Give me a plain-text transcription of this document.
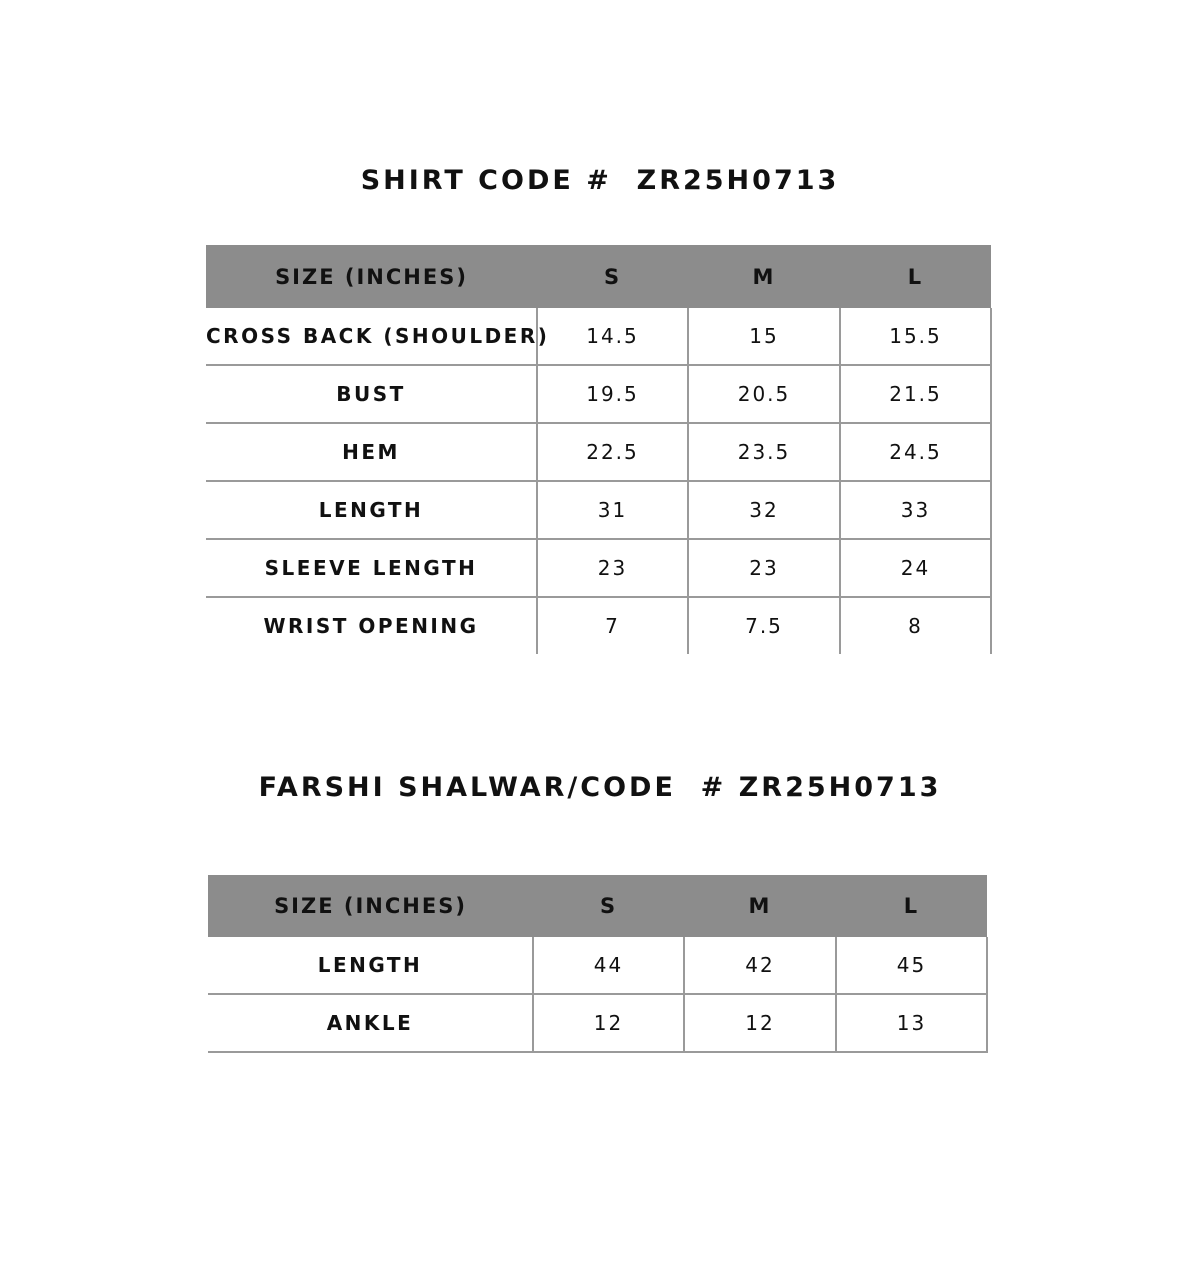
SHIRT CODE #  ZR25H0713
SIZE (INCHES)	S	M	L
CROSS BACK (SHOULDER)	14.5	15	15.5
BUST	19.5	20.5	21.5
HEM	22.5	23.5	24.5
LENGTH	31	32	33
SLEEVE LENGTH	23	23	24
WRIST OPENING	7	7.5	8
FARSHI SHALWAR/CODE  # ZR25H0713
SIZE (INCHES)	S	M	L
LENGTH	44	42	45
ANKLE	12	12	13
